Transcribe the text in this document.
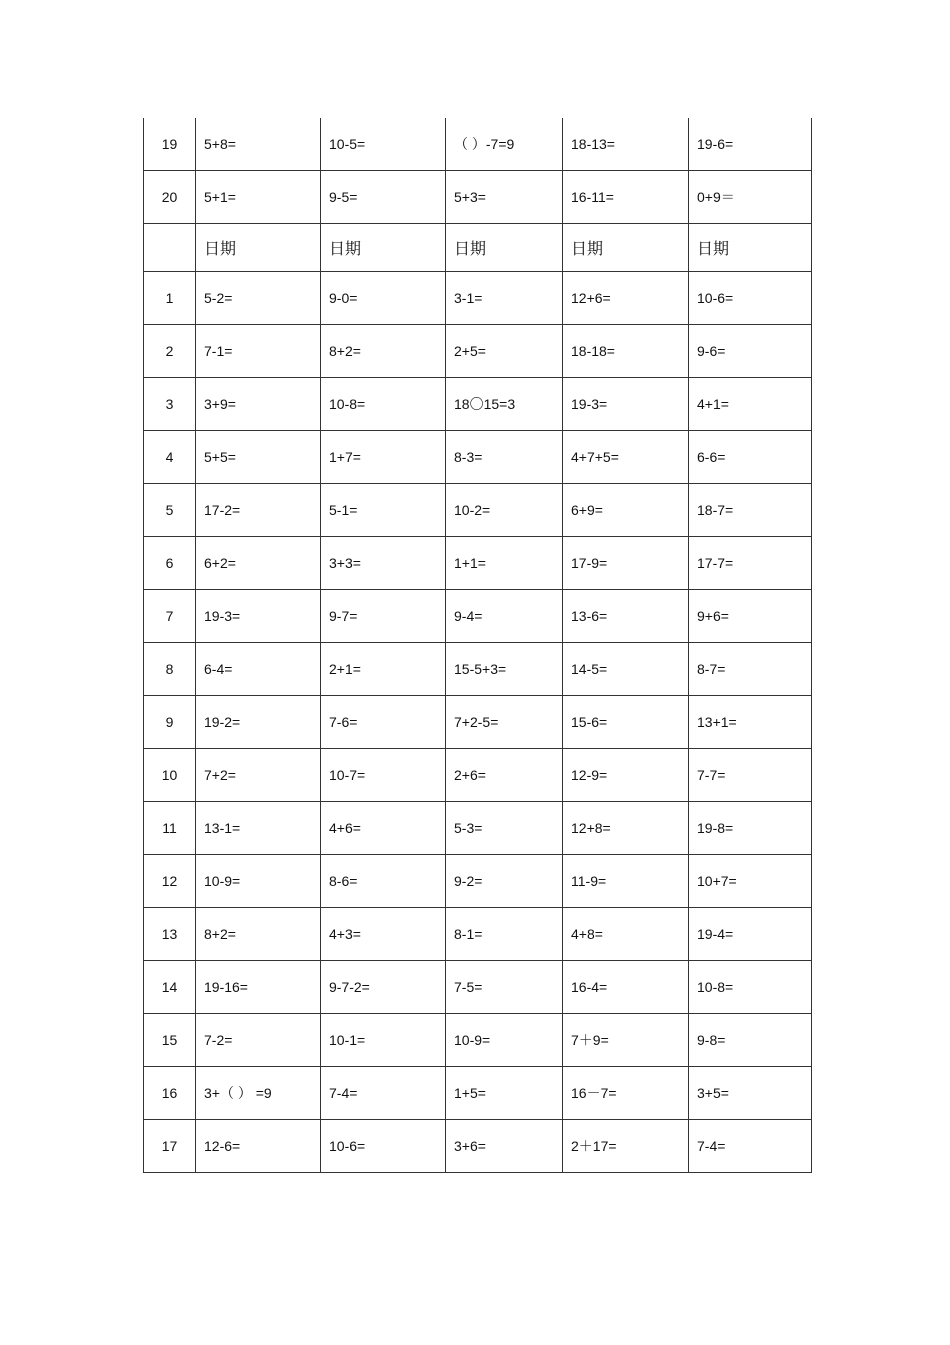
19	5+8=	10-5=	（ ）-7=9	18-13=	19-6=
20	5+1=	9-5=	5+3=	16-11=	0+9＝
	日期	日期	日期	日期	日期
1	5-2=	9-0=	3-1=	12+6=	10-6=
2	7-1=	8+2=	2+5=	18-18=	9-6=
3	3+9=	10-8=	18〇15=3	19-3=	4+1=
4	5+5=	1+7=	8-3=	4+7+5=	6-6=
5	17-2=	5-1=	10-2=	6+9=	18-7=
6	6+2=	3+3=	1+1=	17-9=	17-7=
7	19-3=	9-7=	9-4=	13-6=	9+6=
8	6-4=	2+1=	15-5+3=	14-5=	8-7=
9	19-2=	7-6=	7+2-5=	15-6=	13+1=
10	7+2=	10-7=	2+6=	12-9=	7-7=
11	13-1=	4+6=	5-3=	12+8=	19-8=
12	10-9=	8-6=	9-2=	11-9=	10+7=
13	8+2=	4+3=	8-1=	4+8=	19-4=
14	19-16=	9-7-2=	7-5=	16-4=	10-8=
15	7-2=	10-1=	10-9=	7＋9=	9-8=
16	3+（ ） =9	7-4=	1+5=	16－7=	3+5=
17	12-6=	10-6=	3+6=	2＋17=	7-4=
